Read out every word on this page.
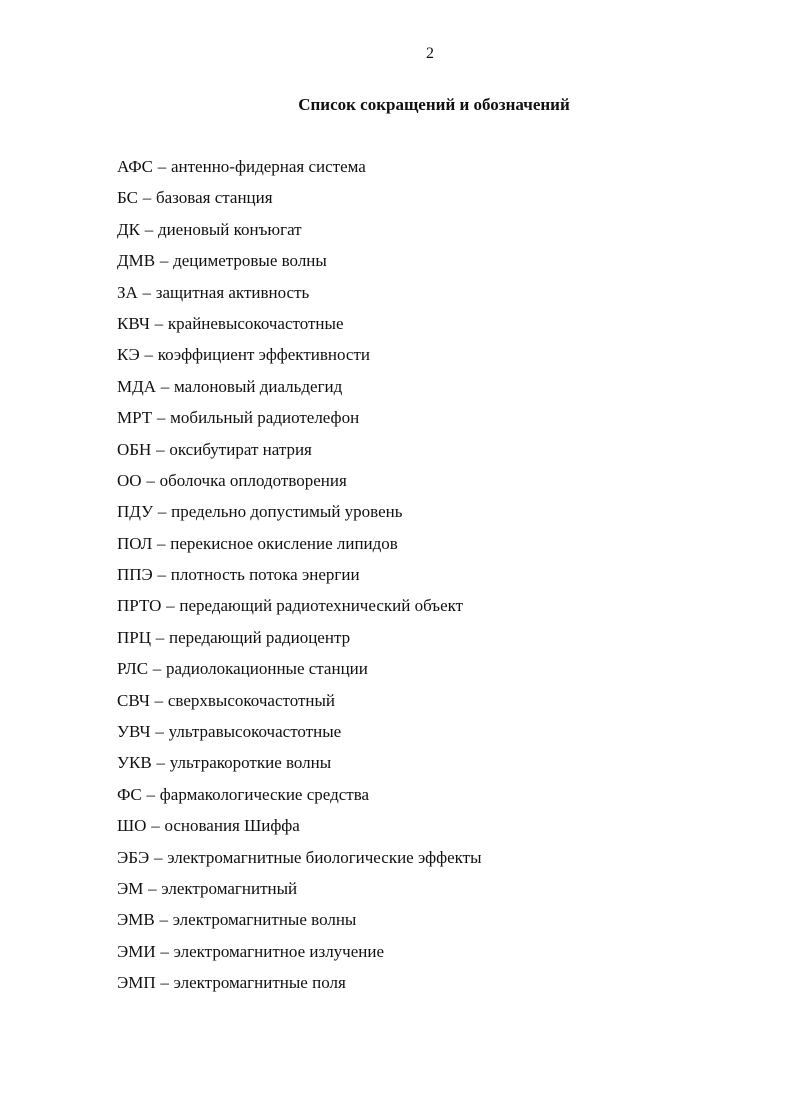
2
Список сокращений и обозначений
АФС – антенно-фидерная система
БС – базовая станция
ДК – диеновый конъюгат
ДМВ – дециметровые волны
ЗА – защитная активность
КВЧ – крайневысокочастотные
КЭ – коэффициент эффективности
МДА – малоновый диальдегид
МРТ – мобильный радиотелефон
ОБН – оксибутират натрия
ОО – оболочка оплодотворения
ПДУ – предельно допустимый уровень
ПОЛ – перекисное окисление липидов
ППЭ – плотность потока энергии
ПРТО – передающий радиотехнический объект
ПРЦ – передающий радиоцентр
РЛС – радиолокационные станции
СВЧ – сверхвысокочастотный
УВЧ – ультравысокочастотные
УКВ – ультракороткие волны
ФС – фармакологические средства
ШО – основания Шиффа
ЭБЭ – электромагнитные биологические эффекты
ЭМ – электромагнитный
ЭМВ – электромагнитные волны
ЭМИ – электромагнитное излучение
ЭМП – электромагнитные поля
